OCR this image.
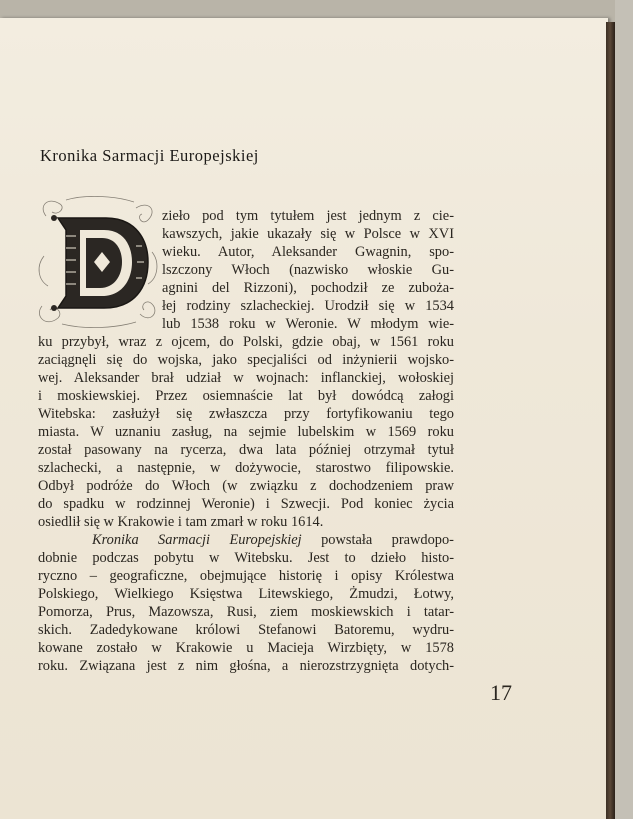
Kronika Sarmacji Europejskiej
zieło pod tym tytułem jest jednym z cie-
kawszych, jakie ukazały się w Polsce w XVI
wieku. Autor, Aleksander Gwagnin, spo-
lszczony Włoch (nazwisko włoskie Gu-
agnini del Rizzoni), pochodził ze zuboża-
łej rodziny szlacheckiej. Urodził się w 1534
lub 1538 roku w Weronie. W młodym wie-
ku przybył, wraz z ojcem, do Polski, gdzie obaj, w 1561 roku
zaciągnęli się do wojska, jako specjaliści od inżynierii wojsko-
wej. Aleksander brał udział w wojnach: inflanckiej, wołoskiej
i moskiewskiej. Przez osiemnaście lat był dowódcą załogi
Witebska: zasłużył się zwłaszcza przy fortyfikowaniu tego
miasta. W uznaniu zasług, na sejmie lubelskim w 1569 roku
został pasowany na rycerza, dwa lata później otrzymał tytuł
szlachecki, a następnie, w dożywocie, starostwo filipowskie.
Odbył podróże do Włoch (w związku z dochodzeniem praw
do spadku w rodzinnej Weronie) i Szwecji. Pod koniec życia
osiedlił się w Krakowie i tam zmarł w roku 1614.
Kronika Sarmacji Europejskiej powstała prawdopo-
dobnie podczas pobytu w Witebsku. Jest to dzieło histo-
ryczno – geograficzne, obejmujące historię i opisy Królestwa
Polskiego, Wielkiego Księstwa Litewskiego, Żmudzi, Łotwy,
Pomorza, Prus, Mazowsza, Rusi, ziem moskiewskich i tatar-
skich. Zadedykowane królowi Stefanowi Batoremu, wydru-
kowane zostało w Krakowie u Macieja Wirzbięty, w 1578
roku. Związana jest z nim głośna, a nierozstrzygnięta dotych-
17
